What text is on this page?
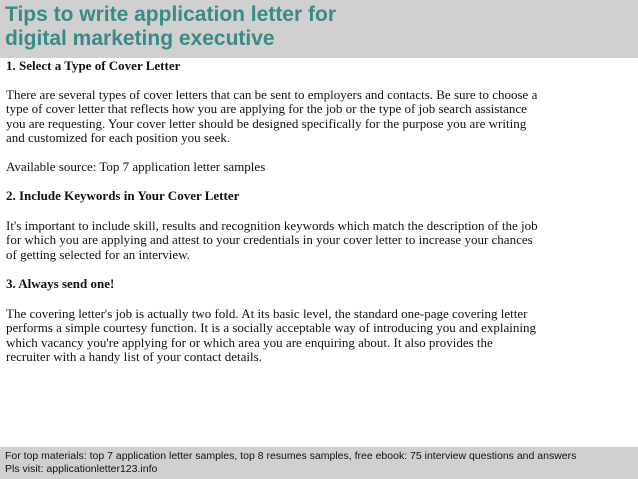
Tips to write application letter for
digital marketing executive

1. Select a Type of Cover Letter

There are several types of cover letters that can be sent to employers and contacts. Be sure to choose a
type of cover letter that reflects how you are applying for the job or the type of job search assistance
you are requesting. Your cover letter should be designed specifically for the purpose you are writing
and customized for each position you seek.

Available source: Top 7 application letter samples

2. Include Keywords in Your Cover Letter

It's important to include skill, results and recognition keywords which match the description of the job
for which you are applying and attest to your credentials in your cover letter to increase your chances
of getting selected for an interview.

3. Always send one!

The covering letter's job is actually two fold. At its basic level, the standard one-page covering letter
performs a simple courtesy function. It is a socially acceptable way of introducing you and explaining
which vacancy you're applying for or which area you are enquiring about. It also provides the
recruiter with a handy list of your contact details.

For top materials: top 7 application letter samples, top 8 resumes samples, free ebook: 75 interview questions and answers
Pls visit: applicationletter123.info
